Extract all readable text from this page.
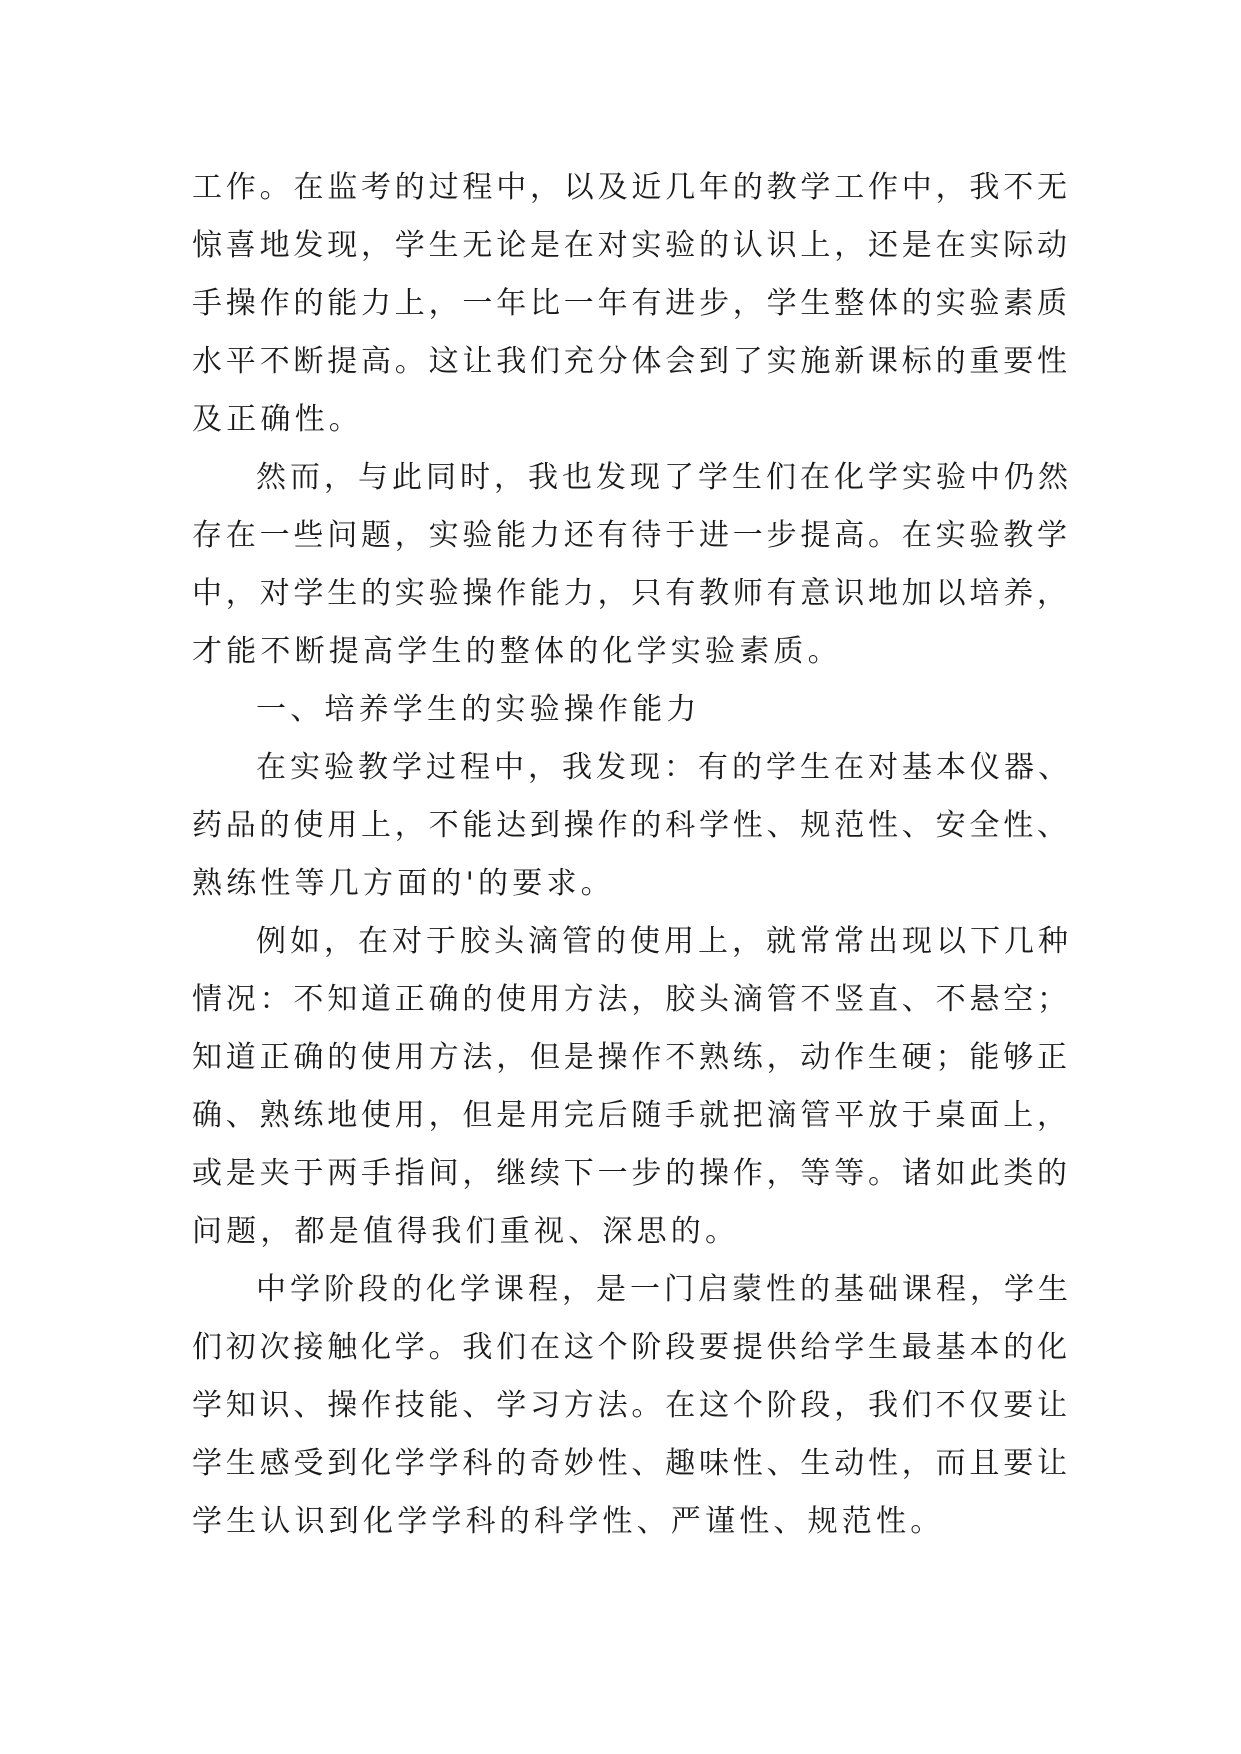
工作。在监考的过程中，以及近几年的教学工作中，我不无
惊喜地发现，学生无论是在对实验的认识上，还是在实际动
手操作的能力上，一年比一年有进步，学生整体的实验素质
水平不断提高。这让我们充分体会到了实施新课标的重要性
及正确性。
然而，与此同时，我也发现了学生们在化学实验中仍然
存在一些问题，实验能力还有待于进一步提高。在实验教学
中，对学生的实验操作能力，只有教师有意识地加以培养，
才能不断提高学生的整体的化学实验素质。
一、培养学生的实验操作能力
在实验教学过程中，我发现：有的学生在对基本仪器、
药品的使用上，不能达到操作的科学性、规范性、安全性、
熟练性等几方面的'的要求。
例如，在对于胶头滴管的使用上，就常常出现以下几种
情况：不知道正确的使用方法，胶头滴管不竖直、不悬空；
知道正确的使用方法，但是操作不熟练，动作生硬；能够正
确、熟练地使用，但是用完后随手就把滴管平放于桌面上，
或是夹于两手指间，继续下一步的操作，等等。诸如此类的
问题，都是值得我们重视、深思的。
中学阶段的化学课程，是一门启蒙性的基础课程，学生
们初次接触化学。我们在这个阶段要提供给学生最基本的化
学知识、操作技能、学习方法。在这个阶段，我们不仅要让
学生感受到化学学科的奇妙性、趣味性、生动性，而且要让
学生认识到化学学科的科学性、严谨性、规范性。
